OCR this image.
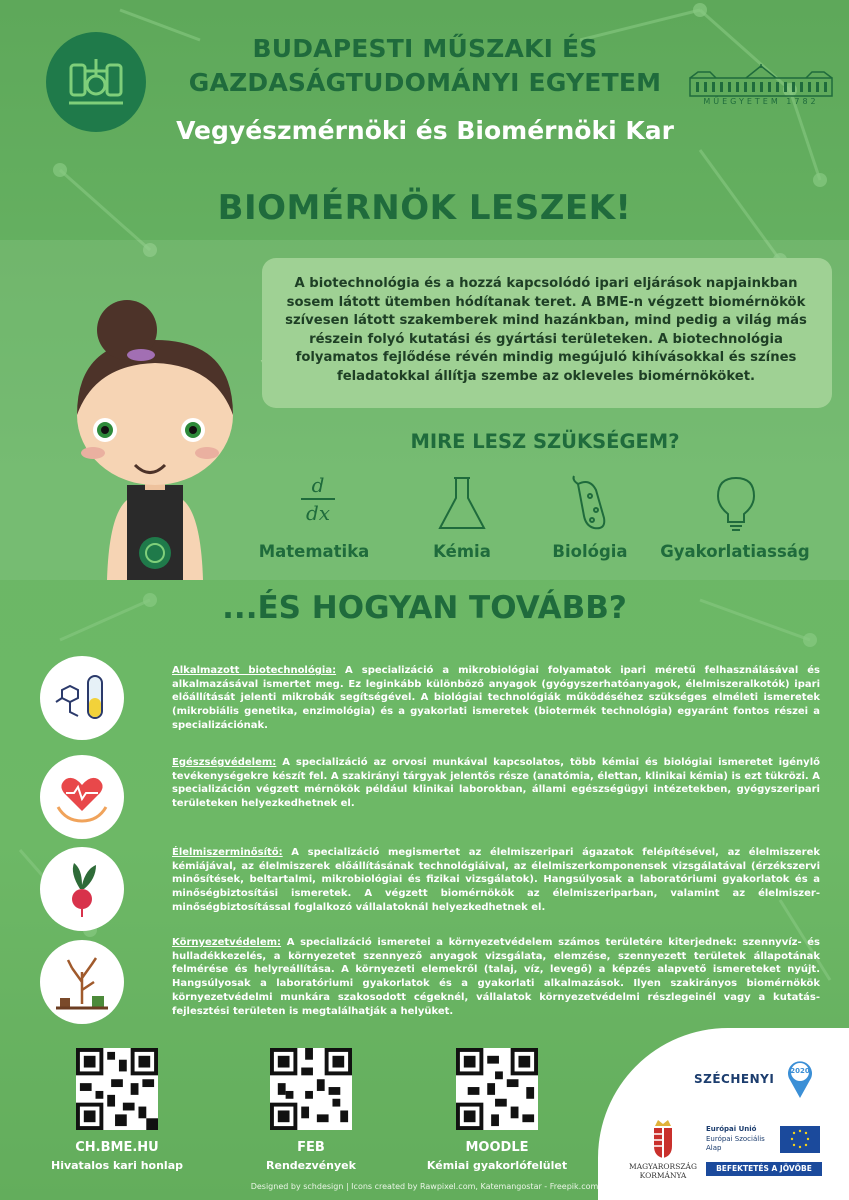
BUDAPESTI MŰSZAKI ÉS
GAZDASÁGTUDOMÁNYI EGYETEM
Vegyészmérnöki és Biomérnöki Kar
MŰEGYETEM 1782
BIOMÉRNÖK LESZEK!
A biotechnológia és a hozzá kapcsolódó ipari eljárások napjainkban sosem látott ütemben hódítanak teret. A BME-n végzett biomérnökök szívesen látott szakemberek mind hazánkban, mind pedig a világ más részein folyó kutatási és gyártási területeken. A biotechnológia folyamatos fejlődése révén mindig megújuló kihívásokkal és színes feladatokkal állítja szembe az okleveles biomérnököket.
MIRE LESZ SZÜKSÉGEM?
d
dx
Matematika	Kémia	Biológia	Gyakorlatiasság
...ÉS HOGYAN TOVÁBB?
Alkalmazott biotechnológia: A specializáció a mikrobiológiai folyamatok ipari méretű felhasználásával és alkalmazásával ismertet meg. Ez leginkább különböző anyagok (gyógyszerhatóanyagok, élelmiszeralkotók) ipari előállítását jelenti mikrobák segítségével. A biológiai technológiák működéséhez szükséges elméleti ismeretek (mikrobiális genetika, enzimológia) és a gyakorlati ismeretek (biotermék technológia) egyaránt fontos részei a specializációnak.
Egészségvédelem: A specializáció az orvosi munkával kapcsolatos, több kémiai és biológiai ismeretet igénylő tevékenységekre készít fel. A szakirányi tárgyak jelentős része (anatómia, élettan, klinikai kémia) is ezt tükrözi. A specializáción végzett mérnökök például klinikai laborokban, állami egészségügyi intézetekben, gyógyszeripari területeken helyezkedhetnek el.
Élelmiszerminősítő: A specializáció megismertet az élelmiszeripari ágazatok felépítésével, az élelmiszerek kémiájával, az élelmiszerek előállításának technológiáival, az élelmiszerkomponensek vizsgálatával (érzékszervi minősítések, beltartalmi, mikrobiológiai és fizikai vizsgálatok). Hangsúlyosak a laboratóriumi gyakorlatok és a minőségbiztosítási ismeretek. A végzett biomérnökök az élelmiszeriparban, valamint az élelmiszer-minőségbiztosítással foglalkozó vállalatoknál helyezkedhetnek el.
Környezetvédelem: A specializáció ismeretei a környezetvédelem számos területére kiterjednek: szennyvíz- és hulladékkezelés, a környezetet szennyező anyagok vizsgálata, elemzése, szennyezett területek állapotának felmérése és helyreállítása. A környezeti elemekről (talaj, víz, levegő) a képzés alapvető ismereteket nyújt. Hangsúlyosak a laboratóriumi gyakorlatok és a gyakorlati alkalmazások. Ilyen szakirányos biomérnökök környezetvédelmi munkára szakosodott cégeknél, vállalatok környezetvédelmi részlegeinél vagy a kutatás-fejlesztési területen is megtalálhatják a helyüket.
CH.BME.HU
Hivatalos kari honlap
FEB
Rendezvények
MOODLE
Kémiai gyakorlófelület
Designed by schdesign | Icons created by Rawpixel.com, Katemangostar - Freepik.com
SZÉCHENYI
2020
MAGYARORSZÁG KORMÁNYA
Európai Unió
Európai Szociális Alap
BEFEKTETÉS A JÖVŐBE
